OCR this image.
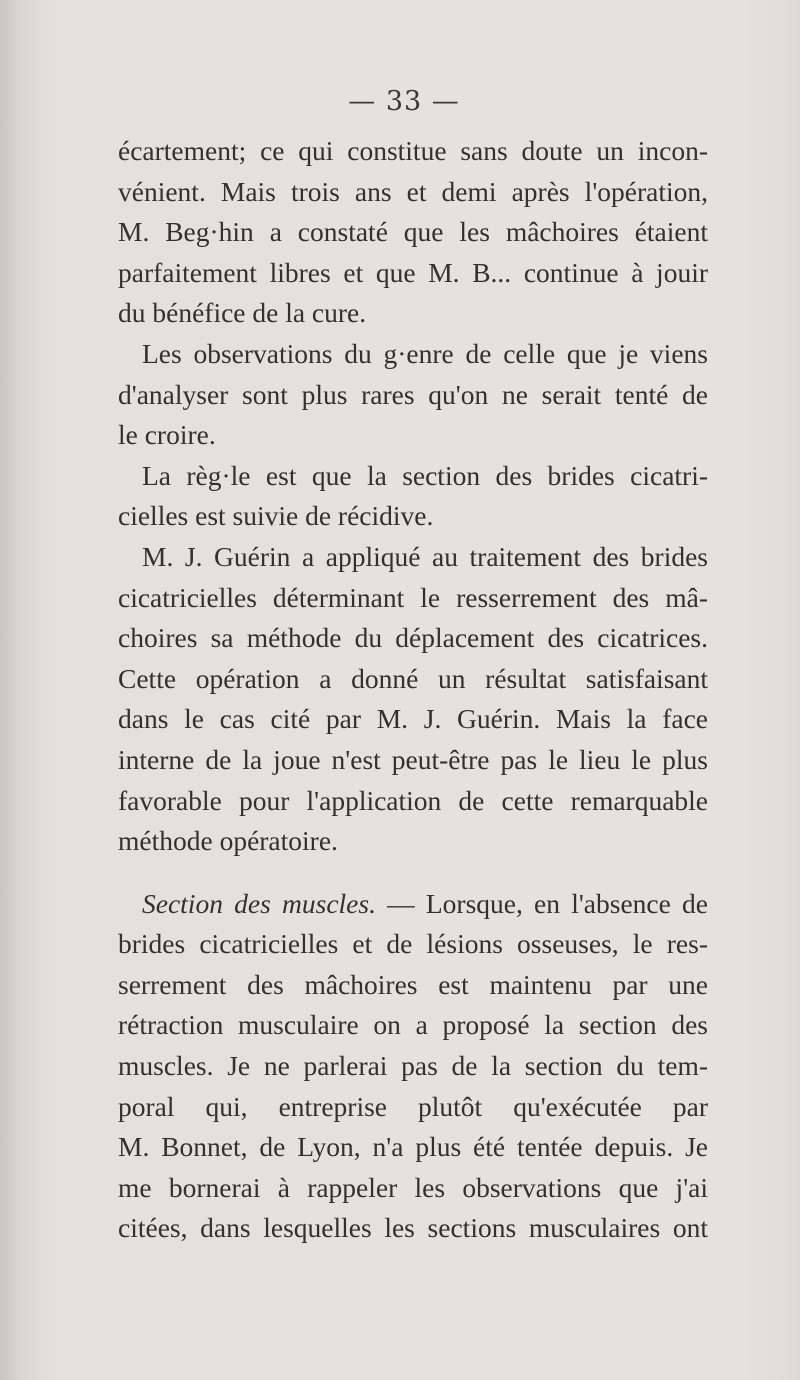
— 33 —
écartement; ce qui constitue sans doute un incon-
vénient. Mais trois ans et demi après l'opération,
M. Beg·hin a constaté que les mâchoires étaient
parfaitement libres et que M. B... continue à jouir
du bénéfice de la cure.
Les observations du g·enre de celle que je viens
d'analyser sont plus rares qu'on ne serait tenté de
le croire.
La règ·le est que la section des brides cicatri-
cielles est suivie de récidive.
M. J. Guérin a appliqué au traitement des brides
cicatricielles déterminant le resserrement des mâ-
choires sa méthode du déplacement des cicatrices.
Cette opération a donné un résultat satisfaisant
dans le cas cité par M. J. Guérin. Mais la face
interne de la joue n'est peut-être pas le lieu le plus
favorable pour l'application de cette remarquable
méthode opératoire.
Section des muscles. — Lorsque, en l'absence de
brides cicatricielles et de lésions osseuses, le res-
serrement des mâchoires est maintenu par une
rétraction musculaire on a proposé la section des
muscles. Je ne parlerai pas de la section du tem-
poral qui, entreprise plutôt qu'exécutée par
M. Bonnet, de Lyon, n'a plus été tentée depuis. Je
me bornerai à rappeler les observations que j'ai
citées, dans lesquelles les sections musculaires ont
